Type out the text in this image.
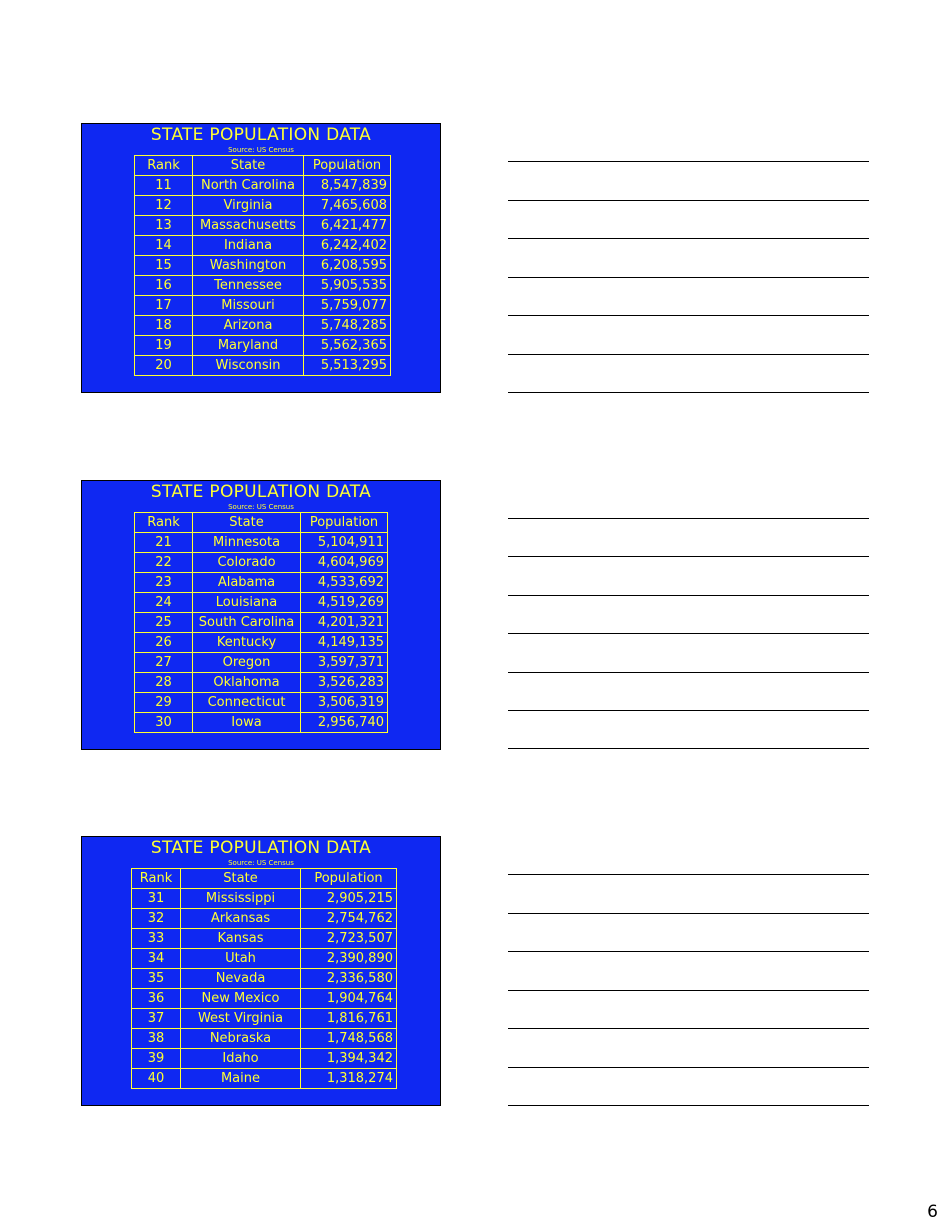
STATE POPULATION DATA
Source: US Census
Rank	State	Population
11	North Carolina	8,547,839
12	Virginia	7,465,608
13	Massachusetts	6,421,477
14	Indiana	6,242,402
15	Washington	6,208,595
16	Tennessee	5,905,535
17	Missouri	5,759,077
18	Arizona	5,748,285
19	Maryland	5,562,365
20	Wisconsin	5,513,295
STATE POPULATION DATA
Source: US Census
Rank	State	Population
21	Minnesota	5,104,911
22	Colorado	4,604,969
23	Alabama	4,533,692
24	Louisiana	4,519,269
25	South Carolina	4,201,321
26	Kentucky	4,149,135
27	Oregon	3,597,371
28	Oklahoma	3,526,283
29	Connecticut	3,506,319
30	Iowa	2,956,740
STATE POPULATION DATA
Source: US Census
Rank	State	Population
31	Mississippi	2,905,215
32	Arkansas	2,754,762
33	Kansas	2,723,507
34	Utah	2,390,890
35	Nevada	2,336,580
36	New Mexico	1,904,764
37	West Virginia	1,816,761
38	Nebraska	1,748,568
39	Idaho	1,394,342
40	Maine	1,318,274
6
